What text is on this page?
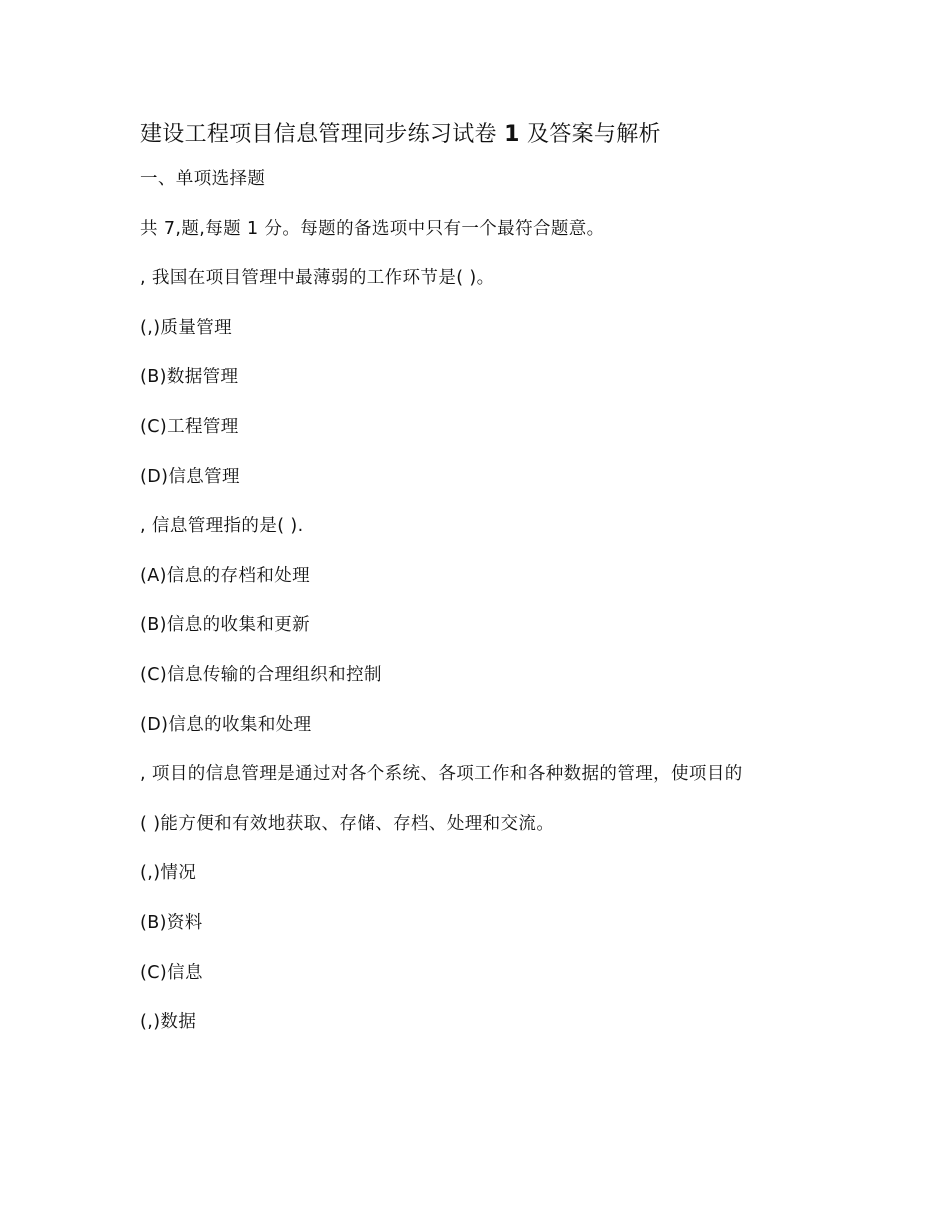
建设工程项目信息管理同步练习试卷 1 及答案与解析
一、单项选择题
共 7,题,每题 1 分。每题的备选项中只有一个最符合题意。
, 我国在项目管理中最薄弱的工作环节是( )。
(,)质量管理
(B)数据管理
(C)工程管理
(D)信息管理
, 信息管理指的是( ).
(A)信息的存档和处理
(B)信息的收集和更新
(C)信息传输的合理组织和控制
(D)信息的收集和处理
, 项目的信息管理是通过对各个系统、各项工作和各种数据的管理，使项目的
( )能方便和有效地获取、存储、存档、处理和交流。
(,)情况
(B)资料
(C)信息
(,)数据
